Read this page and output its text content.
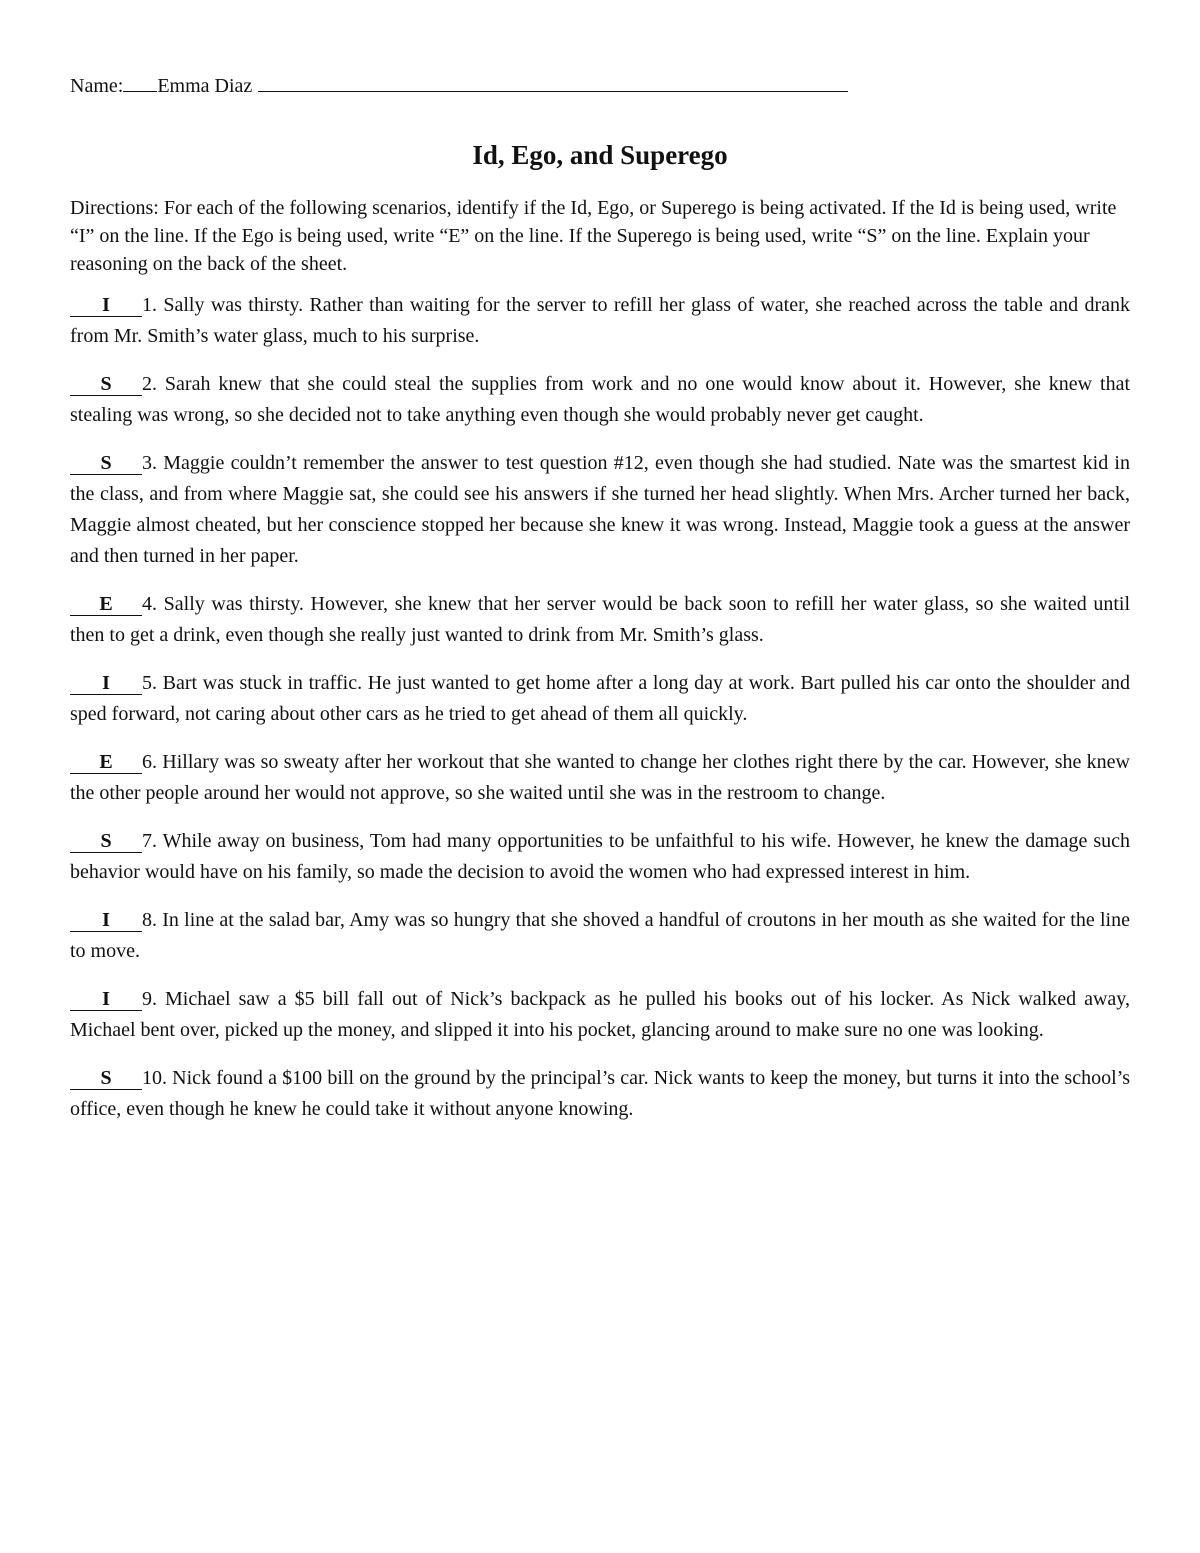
Name: Emma Diaz
Id, Ego, and Superego

Directions: For each of the following scenarios, identify if the Id, Ego, or Superego is being activated. If the Id is being used, write “I” on the line. If the Ego is being used, write “E” on the line. If the Superego is being used, write “S” on the line. Explain your reasoning on the back of the sheet.

I 1. Sally was thirsty. Rather than waiting for the server to refill her glass of water, she reached across the table and drank from Mr. Smith’s water glass, much to his surprise.

S 2. Sarah knew that she could steal the supplies from work and no one would know about it. However, she knew that stealing was wrong, so she decided not to take anything even though she would probably never get caught.

S 3. Maggie couldn’t remember the answer to test question #12, even though she had studied. Nate was the smartest kid in the class, and from where Maggie sat, she could see his answers if she turned her head slightly. When Mrs. Archer turned her back, Maggie almost cheated, but her conscience stopped her because she knew it was wrong. Instead, Maggie took a guess at the answer and then turned in her paper.

E 4. Sally was thirsty. However, she knew that her server would be back soon to refill her water glass, so she waited until then to get a drink, even though she really just wanted to drink from Mr. Smith’s glass.

I 5. Bart was stuck in traffic. He just wanted to get home after a long day at work. Bart pulled his car onto the shoulder and sped forward, not caring about other cars as he tried to get ahead of them all quickly.

E 6. Hillary was so sweaty after her workout that she wanted to change her clothes right there by the car. However, she knew the other people around her would not approve, so she waited until she was in the restroom to change.

S 7. While away on business, Tom had many opportunities to be unfaithful to his wife. However, he knew the damage such behavior would have on his family, so made the decision to avoid the women who had expressed interest in him.

I 8. In line at the salad bar, Amy was so hungry that she shoved a handful of croutons in her mouth as she waited for the line to move.

I 9. Michael saw a $5 bill fall out of Nick’s backpack as he pulled his books out of his locker. As Nick walked away, Michael bent over, picked up the money, and slipped it into his pocket, glancing around to make sure no one was looking.

S 10. Nick found a $100 bill on the ground by the principal’s car. Nick wants to keep the money, but turns it into the school’s office, even though he knew he could take it without anyone knowing.
